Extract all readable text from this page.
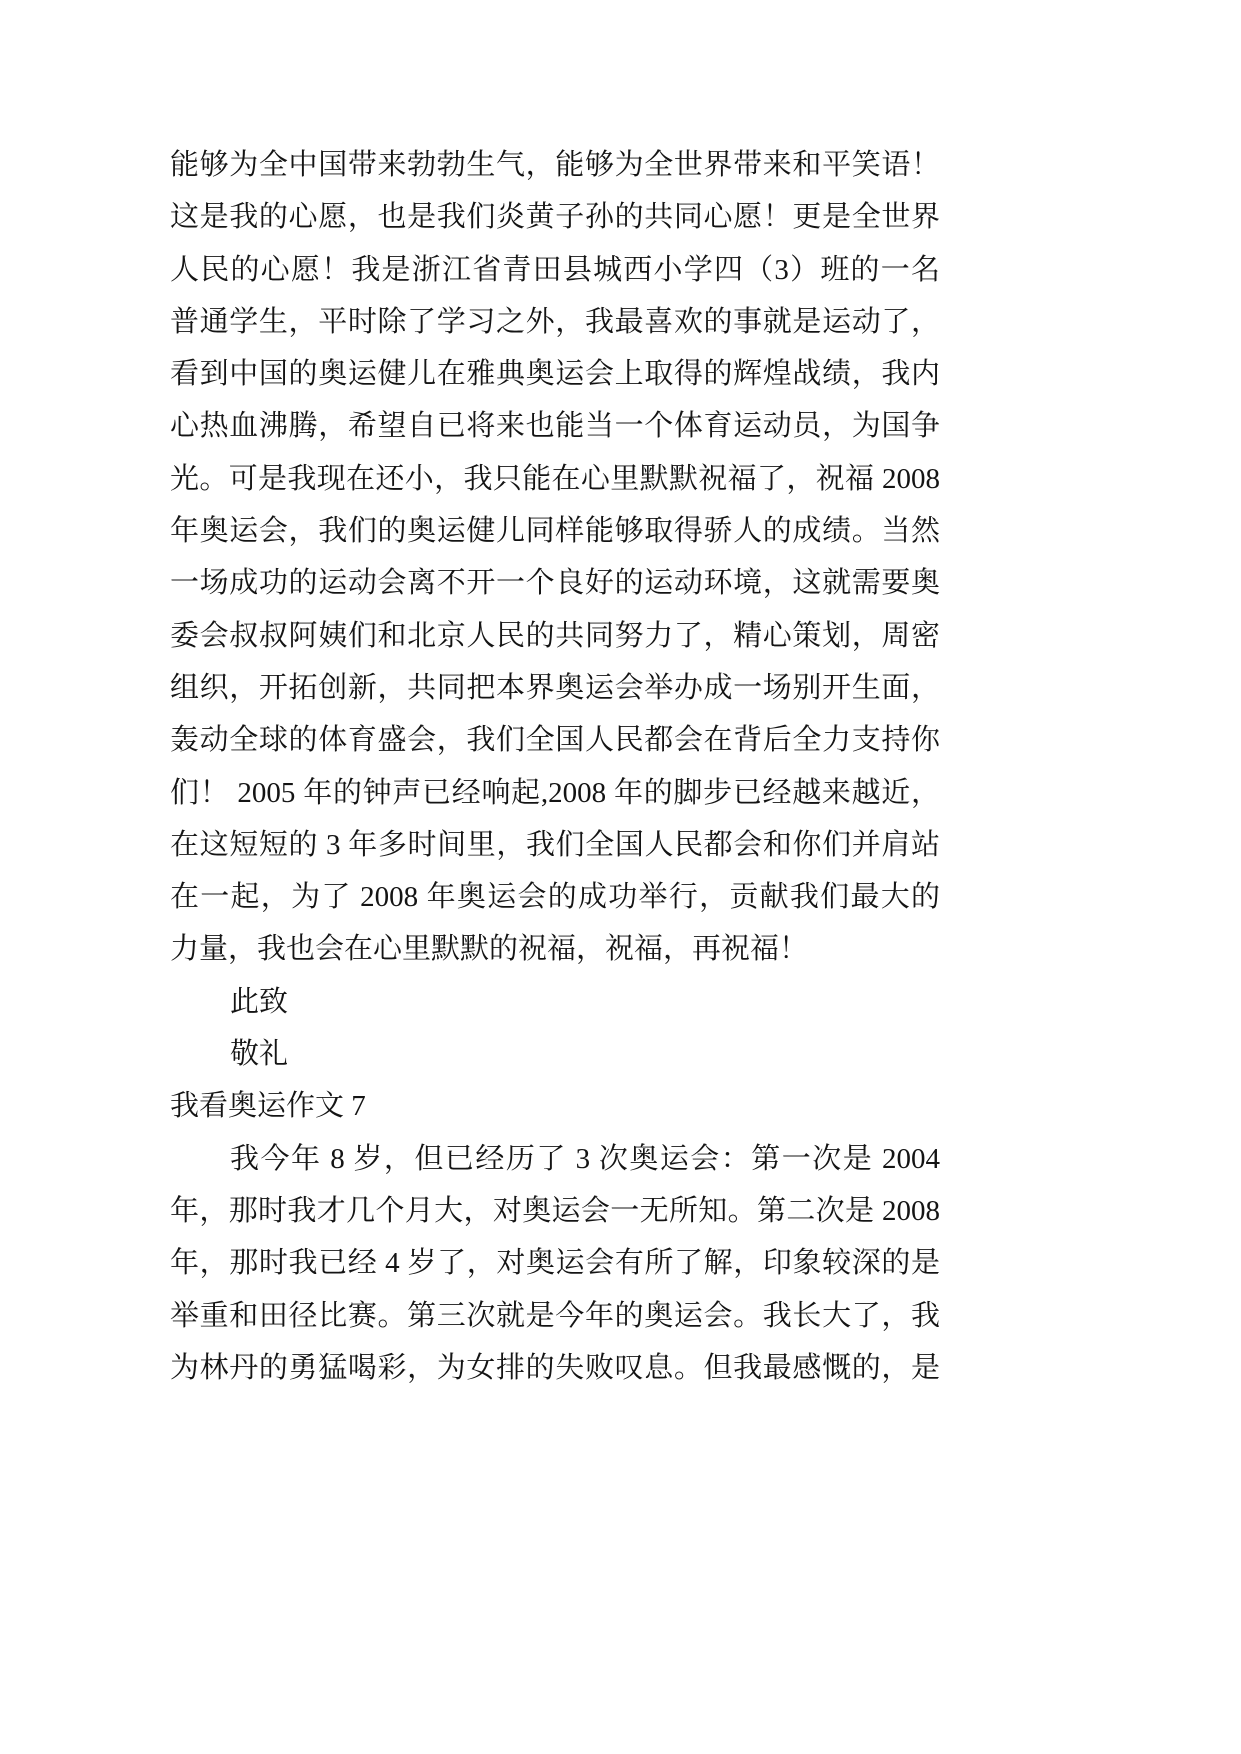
能够为全中国带来勃勃生气，能够为全世界带来和平笑语！
这是我的心愿，也是我们炎黄子孙的共同心愿！更是全世界
人民的心愿！我是浙江省青田县城西小学四（3）班的一名
普通学生，平时除了学习之外，我最喜欢的事就是运动了，
看到中国的奥运健儿在雅典奥运会上取得的辉煌战绩，我内
心热血沸腾，希望自已将来也能当一个体育运动员，为国争
光。可是我现在还小，我只能在心里默默祝福了，祝福 2008
年奥运会，我们的奥运健儿同样能够取得骄人的成绩。当然
一场成功的运动会离不开一个良好的运动环境，这就需要奥
委会叔叔阿姨们和北京人民的共同努力了，精心策划，周密
组织，开拓创新，共同把本界奥运会举办成一场别开生面，
轰动全球的体育盛会，我们全国人民都会在背后全力支持你
们！ 2005 年的钟声已经响起,2008 年的脚步已经越来越近，
在这短短的 3 年多时间里，我们全国人民都会和你们并肩站
在一起，为了 2008 年奥运会的成功举行，贡献我们最大的
力量，我也会在心里默默的祝福，祝福，再祝福！
此致
敬礼
我看奥运作文 7
我今年 8 岁，但已经历了 3 次奥运会：第一次是 2004
年，那时我才几个月大，对奥运会一无所知。第二次是 2008
年，那时我已经 4 岁了，对奥运会有所了解，印象较深的是
举重和田径比赛。第三次就是今年的奥运会。我长大了，我
为林丹的勇猛喝彩，为女排的失败叹息。但我最感慨的，是
